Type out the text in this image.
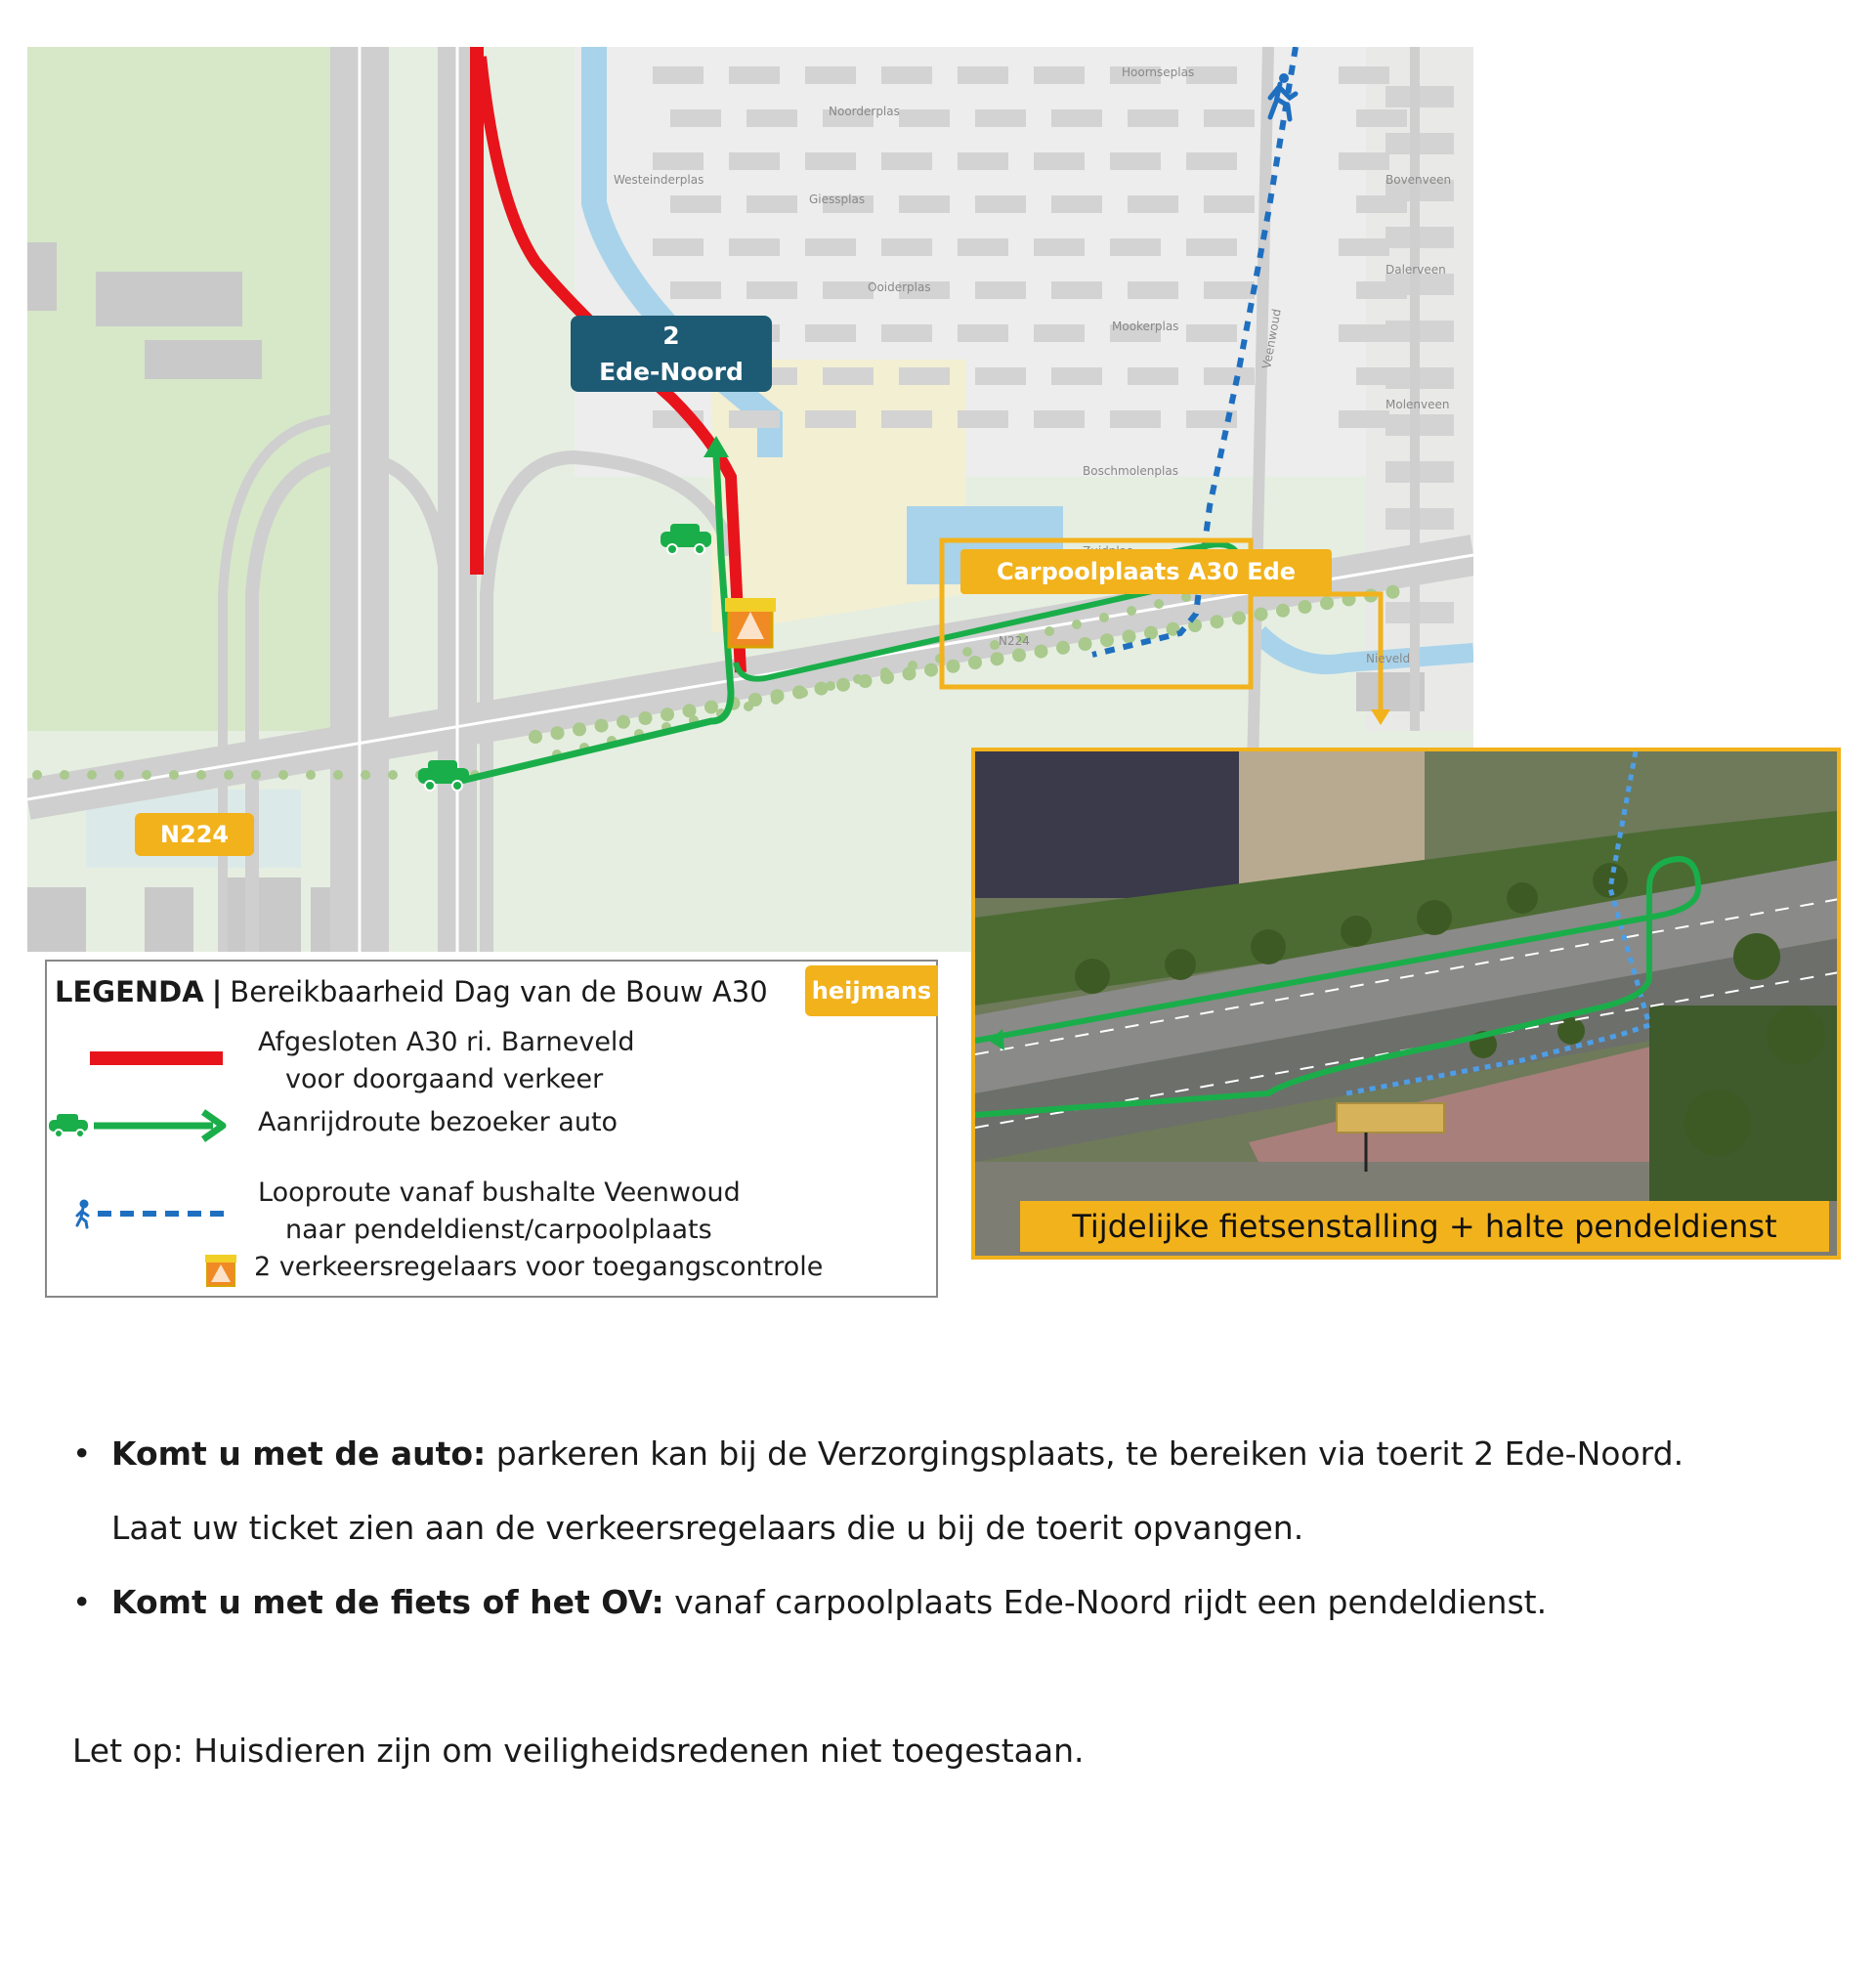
Noorderplas
Westeinderplas
Giessplas
Ooiderplas
Mookerplas
Boschmolenplas
Hoornseplas
Bovenveen
Dalerveen
Molenveen
Veenwoud
Nieveld
N224
2
Ede-Noord
N224
Carpoolplaats A30 Ede
Tijdelijke fietsenstalling + halte pendeldienst
LEGENDA | Bereikbaarheid Dag van de Bouw A30 heijmans
Afgesloten A30 ri. Barneveld
voor doorgaand verkeer
Aanrijdroute bezoeker auto
Looproute vanaf bushalte Veenwoud
naar pendeldienst/carpoolplaats
2 verkeersregelaars voor toegangscontrole
• Komt u met de auto: parkeren kan bij de Verzorgingsplaats, te bereiken via toerit 2 Ede-Noord.
Laat uw ticket zien aan de verkeersregelaars die u bij de toerit opvangen.
• Komt u met de fiets of het OV: vanaf carpoolplaats Ede-Noord rijdt een pendeldienst.
Let op: Huisdieren zijn om veiligheidsredenen niet toegestaan.
